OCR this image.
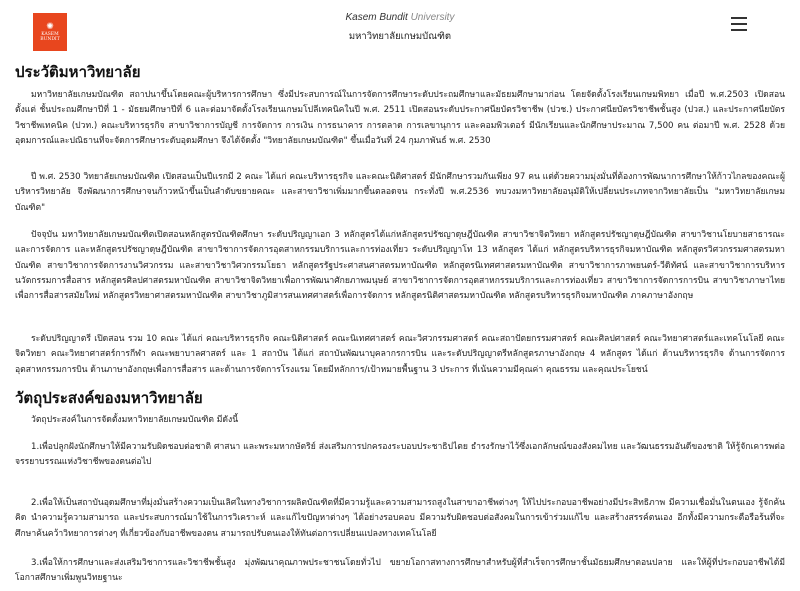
✺
KASEM
BUNDIT
Kasem Bundit University
มหาวิทยาลัยเกษมบัณฑิต
ประวัติมหาวิทยาลัย

มหาวิทยาลัยเกษมบัณฑิต สถาปนาขึ้นโดยคณะผู้บริหารการศึกษา ซึ่งมีประสบการณ์ในการจัดการศึกษาระดับประถมศึกษาและมัธยมศึกษามาก่อน โดยจัดตั้งโรงเรียนเกษมพิทยา เมื่อปี พ.ศ.2503 เปิดสอนตั้งแต่ ชั้นประถมศึกษาปีที่ 1 - มัธยมศึกษาปีที่ 6 และต่อมาจัดตั้งโรงเรียนเกษมโปลีเทคนิคในปี พ.ศ. 2511 เปิดสอนระดับประกาศนียบัตรวิชาชีพ (ปวช.) ประกาศนียบัตรวิชาชีพชั้นสูง (ปวส.) และประกาศนียบัตรวิชาชีพเทคนิค (ปวท.) คณะบริหารธุรกิจ สาขาวิชาการบัญชี การจัดการ การเงิน การธนาคาร การตลาด การเลขานุการ และคอมพิวเตอร์ มีนักเรียนและนักศึกษาประมาณ 7,500 คน ต่อมาปี พ.ศ. 2528 ด้วยอุดมการณ์และปณิธานที่จะจัดการศึกษาระดับอุดมศึกษา จึงได้จัดตั้ง "วิทยาลัยเกษมบัณฑิต" ขึ้นเมื่อวันที่ 24 กุมภาพันธ์ พ.ศ. 2530

ปี พ.ศ. 2530 วิทยาลัยเกษมบัณฑิต เปิดสอนเป็นปีแรกมี 2 คณะ ได้แก่ คณะบริหารธุรกิจ และคณะนิติศาสตร์ มีนักศึกษารวมกันเพียง 97 คน แต่ด้วยความมุ่งมั่นที่ต้องการพัฒนาการศึกษาให้ก้าวไกลของคณะผู้บริหารวิทยาลัย จึงพัฒนาการศึกษาจนก้าวหน้าขึ้นเป็นลำดับขยายคณะ และสาขาวิชาเพิ่มมากขึ้นตลอดจน กระทั่งปี พ.ศ.2536 ทบวงมหาวิทยาลัยอนุมัติให้เปลี่ยนประเภทจากวิทยาลัยเป็น "มหาวิทยาลัยเกษมบัณฑิต"

ปัจจุบัน มหาวิทยาลัยเกษมบัณฑิตเปิดสอนหลักสูตรบัณฑิตศึกษา ระดับปริญญาเอก 3 หลักสูตรได้แก่หลักสูตรปรัชญาดุษฎีบัณฑิต สาขาวิชาจิตวิทยา หลักสูตรปรัชญาดุษฎีบัณฑิต สาขาวิชานโยบายสาธารณะและการจัดการ และหลักสูตรปรัชญาดุษฎีบัณฑิต สาขาวิชาการจัดการอุตสาหกรรมบริการและการท่องเที่ยว ระดับปริญญาโท 13 หลักสูตร ได้แก่ หลักสูตรบริหารธุรกิจมหาบัณฑิต หลักสูตรวิศวกรรมศาสตรมหาบัณฑิต สาขาวิชาการจัดการงานวิศวกรรม และสาขาวิชาวิศวกรรมโยธา หลักสูตรรัฐประศาสนศาสตรมหาบัณฑิต หลักสูตรนิเทศศาสตรมหาบัณฑิต สาขาวิชาการภาพยนตร์-วีดิทัศน์ และสาขาวิชาการบริหารนวัตกรรมการสื่อสาร หลักสูตรศิลปศาสตรมหาบัณฑิต สาขาวิชาจิตวิทยาเพื่อการพัฒนาศักยภาพมนุษย์ สาขาวิชาการจัดการอุตสาหกรรมบริการและการท่องเที่ยว สาขาวิชาการจัดการการบิน สาขาวิชาภาษาไทยเพื่อการสื่อสารสมัยใหม่ หลักสูตรวิทยาศาสตรมหาบัณฑิต สาขาวิชาภูมิสารสนเทศศาสตร์เพื่อการจัดการ หลักสูตรนิติศาสตรมหาบัณฑิต หลักสูตรบริหารธุรกิจมหาบัณฑิต ภาคภาษาอังกฤษ

ระดับปริญญาตรี เปิดสอน รวม 10 คณะ ได้แก่ คณะบริหารธุรกิจ คณะนิติศาสตร์ คณะนิเทศศาสตร์ คณะวิศวกรรมศาสตร์ คณะสถาปัตยกรรมศาสตร์ คณะศิลปศาสตร์ คณะวิทยาศาสตร์และเทคโนโลยี คณะจิตวิทยา คณะวิทยาศาสตร์การกีฬา คณะพยาบาลศาสตร์ และ 1 สถาบัน ได้แก่ สถาบันพัฒนาบุคลากรการบิน และระดับปริญญาตรีหลักสูตรภาษาอังกฤษ 4 หลักสูตร ได้แก่ ด้านบริหารธุรกิจ ด้านการจัดการอุตสาหกรรมการบิน ด้านภาษาอังกฤษเพื่อการสื่อสาร และด้านการจัดการโรงแรม โดยมีหลักการ/เป้าหมายพื้นฐาน 3 ประการ ที่เน้นความมีคุณค่า คุณธรรม และคุณประโยชน์

วัตถุประสงค์ของมหาวิทยาลัย

วัตถุประสงค์ในการจัดตั้งมหาวิทยาลัยเกษมบัณฑิต มีดังนี้

1.เพื่อปลูกฝังนักศึกษาให้มีความรับผิดชอบต่อชาติ ศาสนา และพระมหากษัตริย์ ส่งเสริมการปกครองระบอบประชาธิปไตย ธำรงรักษาไว้ซึ่งเอกลักษณ์ของสังคมไทย และวัฒนธรรมอันดีของชาติ ให้รู้จักเคารพต่อจรรยาบรรณแห่งวิชาชีพของตนต่อไป

2.เพื่อให้เป็นสถาบันอุดมศึกษาที่มุ่งมั่นสร้างความเป็นเลิศในทางวิชาการผลิตบัณฑิตที่มีความรู้และความสามารถสูงในสาขาอาชีพต่างๆ ให้ไปประกอบอาชีพอย่างมีประสิทธิภาพ มีความเชื่อมั่นในตนเอง รู้จักค้นคิด นำความรู้ความสามารถ และประสบการณ์มาใช้ในการวิเคราะห์ และแก้ไขปัญหาต่างๆ ได้อย่างรอบคอบ มีความรับผิดชอบต่อสังคมในการเข้าร่วมแก้ไข และสร้างสรรค์ตนเอง อีกทั้งมีความกระตือรือร้นที่จะศึกษาค้นคว้าวิทยาการต่างๆ ที่เกี่ยวข้องกับอาชีพของตน สามารถปรับตนเองให้ทันต่อการเปลี่ยนแปลงทางเทคโนโลยี

3.เพื่อให้การศึกษาและส่งเสริมวิชาการและวิชาชีพชั้นสูง มุ่งพัฒนาคุณภาพประชาชนโดยทั่วไป ขยายโอกาสทางการศึกษาสำหรับผู้ที่สำเร็จการศึกษาชั้นมัธยมศึกษาตอนปลาย และให้ผู้ที่ประกอบอาชีพได้มีโอกาสศึกษาเพิ่มพูนวิทยฐานะ
